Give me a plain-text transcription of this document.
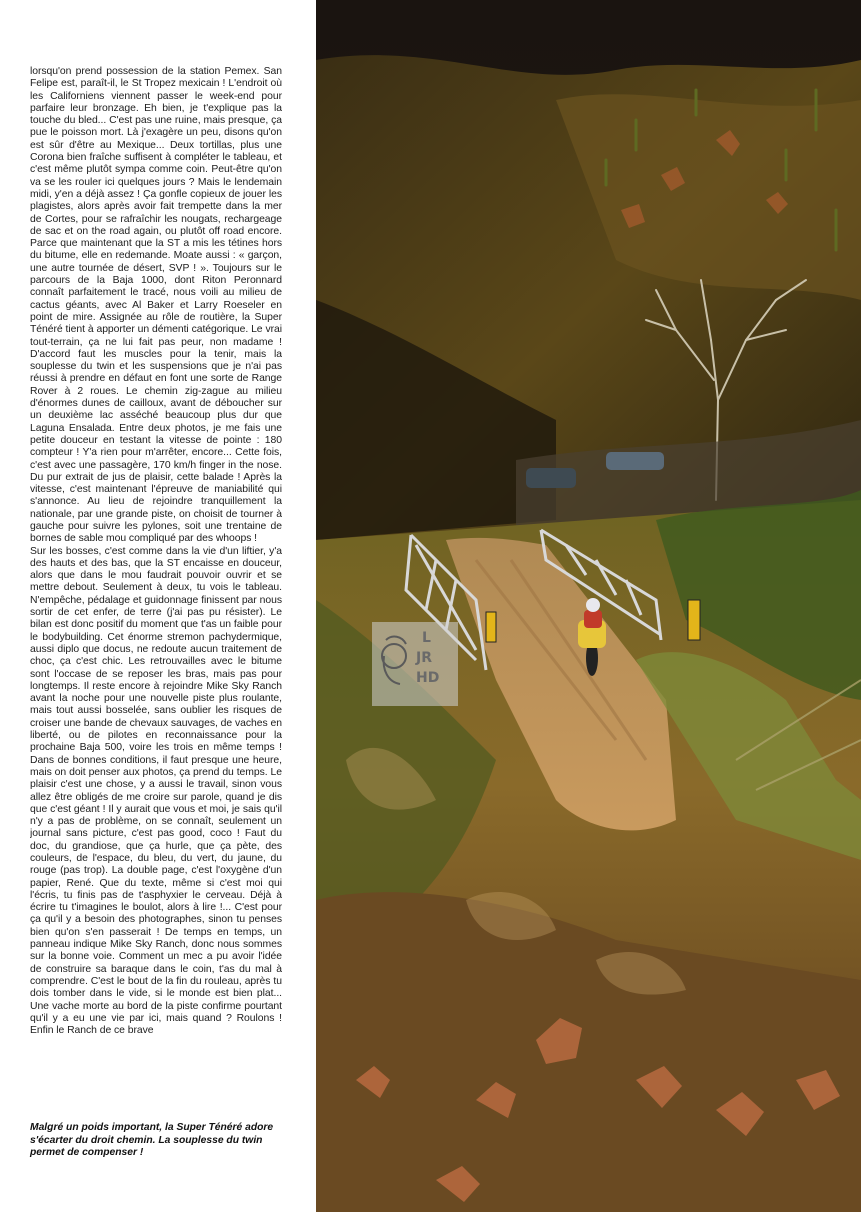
lorsqu'on prend possession de la station Pemex. San Felipe est, paraît-il, le St Tropez mexicain ! L'endroit où les Californiens viennent passer le week-end pour parfaire leur bronzage. Eh bien, je t'explique pas la touche du bled... C'est pas une ruine, mais presque, ça pue le poisson mort. Là j'exagère un peu, disons qu'on est sûr d'être au Mexique... Deux tortillas, plus une Corona bien fraîche suffisent à compléter le tableau, et c'est même plutôt sympa comme coin. Peut-être qu'on va se les rouler ici quelques jours ? Mais le lendemain midi, y'en a déjà assez ! Ça gonfle copieux de jouer les plagistes, alors après avoir fait trempette dans la mer de Cortes, pour se rafraîchir les nougats, rechargeage de sac et on the road again, ou plutôt off road encore. Parce que maintenant que la ST a mis les tétines hors du bitume, elle en redemande. Moate aussi : « garçon, une autre tournée de désert, SVP ! ». Toujours sur le parcours de la Baja 1000, dont Riton Peronnard connaît parfaitement le tracé, nous voili au milieu de cactus géants, avec Al Baker et Larry Roeseler en point de mire. Assignée au rôle de routière, la Super Ténéré tient à apporter un démenti catégorique. Le vrai tout-terrain, ça ne lui fait pas peur, non madame ! D'accord faut les muscles pour la tenir, mais la souplesse du twin et les suspensions que je n'ai pas réussi à prendre en défaut en font une sorte de Range Rover à 2 roues. Le chemin zig-zague au milieu d'énormes dunes de cailloux, avant de déboucher sur un deuxième lac asséché beaucoup plus dur que Laguna Ensalada. Entre deux photos, je me fais une petite douceur en testant la vitesse de pointe : 180 compteur ! Y'a rien pour m'arrêter, encore... Cette fois, c'est avec une passagère, 170 km/h finger in the nose. Du pur extrait de jus de plaisir, cette balade ! Après la vitesse, c'est maintenant l'épreuve de maniabilité qui s'annonce. Au lieu de rejoindre tranquillement la nationale, par une grande piste, on choisit de tourner à gauche pour suivre les pylones, soit une trentaine de bornes de sable mou compliqué par des whoops !
Sur les bosses, c'est comme dans la vie d'un liftier, y'a des hauts et des bas, que la ST encaisse en douceur, alors que dans le mou faudrait pouvoir ouvrir et se mettre debout. Seulement à deux, tu vois le tableau. N'empêche, pédalage et guidonnage finissent par nous sortir de cet enfer, de terre (j'ai pas pu résister). Le bilan est donc positif du moment que t'as un faible pour le bodybuilding. Cet énorme stremon pachydermique, aussi diplo que docus, ne redoute aucun traitement de choc, ça c'est chic. Les retrouvailles avec le bitume sont l'occase de se reposer les bras, mais pas pour longtemps. Il reste encore à rejoindre Mike Sky Ranch avant la noche pour une nouvelle piste plus roulante, mais tout aussi bosselée, sans oublier les risques de croiser une bande de chevaux sauvages, de vaches en liberté, ou de pilotes en reconnaissance pour la prochaine Baja 500, voire les trois en même temps ! Dans de bonnes conditions, il faut presque une heure, mais on doit penser aux photos, ça prend du temps. Le plaisir c'est une chose, y a aussi le travail, sinon vous allez être obligés de me croire sur parole, quand je dis que c'est géant ! Il y aurait que vous et moi, je sais qu'il n'y a pas de problème, on se connaît, seulement un journal sans picture, c'est pas good, coco ! Faut du doc, du grandiose, que ça hurle, que ça pète, des couleurs, de l'espace, du bleu, du vert, du jaune, du rouge (pas trop). La double page, c'est l'oxygène d'un papier, René. Que du texte, même si c'est moi qui l'écris, tu finis pas de t'asphyxier le cerveau. Déjà à écrire tu t'imagines le boulot, alors à lire !... C'est pour ça qu'il y a besoin des photographes, sinon tu penses bien qu'on s'en passerait ! De temps en temps, un panneau indique Mike Sky Ranch, donc nous sommes sur la bonne voie. Comment un mec a pu avoir l'idée de construire sa baraque dans le coin, t'as du mal à comprendre. C'est le bout de la fin du rouleau, après tu dois tomber dans le vide, si le monde est bien plat... Une vache morte au bord de la piste confirme pourtant qu'il y a eu une vie par ici, mais quand ? Roulons ! Enfin le Ranch de ce brave
Malgré un poids important, la Super Ténéré adore s'écarter du droit chemin. La souplesse du twin permet de compenser !
L
JR
HD
